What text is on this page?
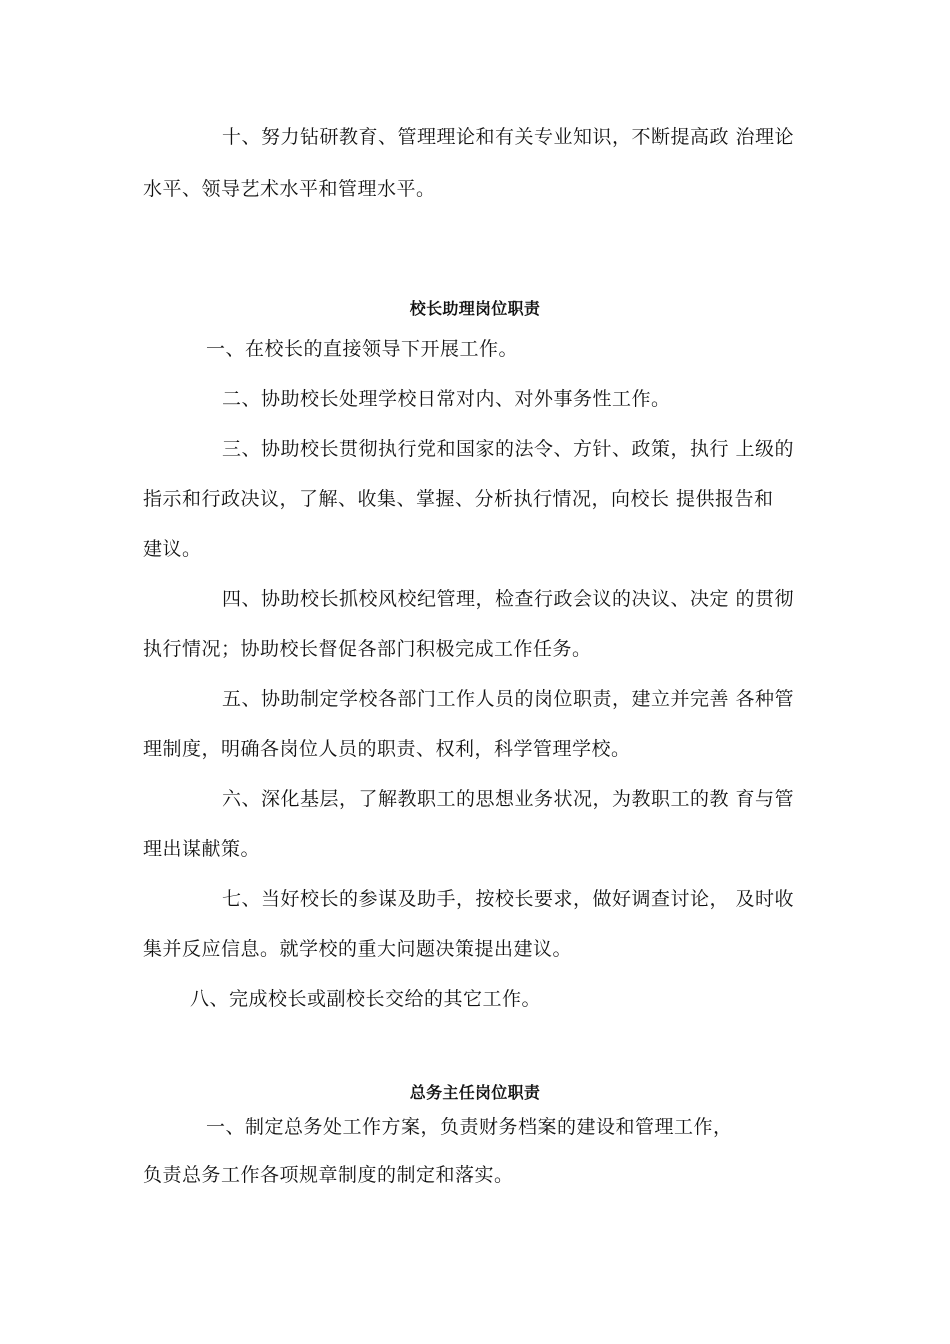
十、努力钻研教育、管理理论和有关专业知识，不断提高政 治理论

水平、领导艺术水平和管理水平。

校长助理岗位职责

一、在校长的直接领导下开展工作。

二、协助校长处理学校日常对内、对外事务性工作。

三、协助校长贯彻执行党和国家的法令、方针、政策，执行 上级的

指示和行政决议，了解、收集、掌握、分析执行情况，向校长 提供报告和

建议。

四、协助校长抓校风校纪管理，检查行政会议的决议、决定 的贯彻

执行情况；协助校长督促各部门积极完成工作任务。

五、协助制定学校各部门工作人员的岗位职责，建立并完善 各种管

理制度，明确各岗位人员的职责、权利，科学管理学校。

六、深化基层，了解教职工的思想业务状况，为教职工的教 育与管

理出谋献策。

七、当好校长的参谋及助手，按校长要求，做好调查讨论， 及时收

集并反应信息。就学校的重大问题决策提出建议。

八、完成校长或副校长交给的其它工作。

总务主任岗位职责

一、制定总务处工作方案，负责财务档案的建设和管理工作，

负责总务工作各项规章制度的制定和落实。
